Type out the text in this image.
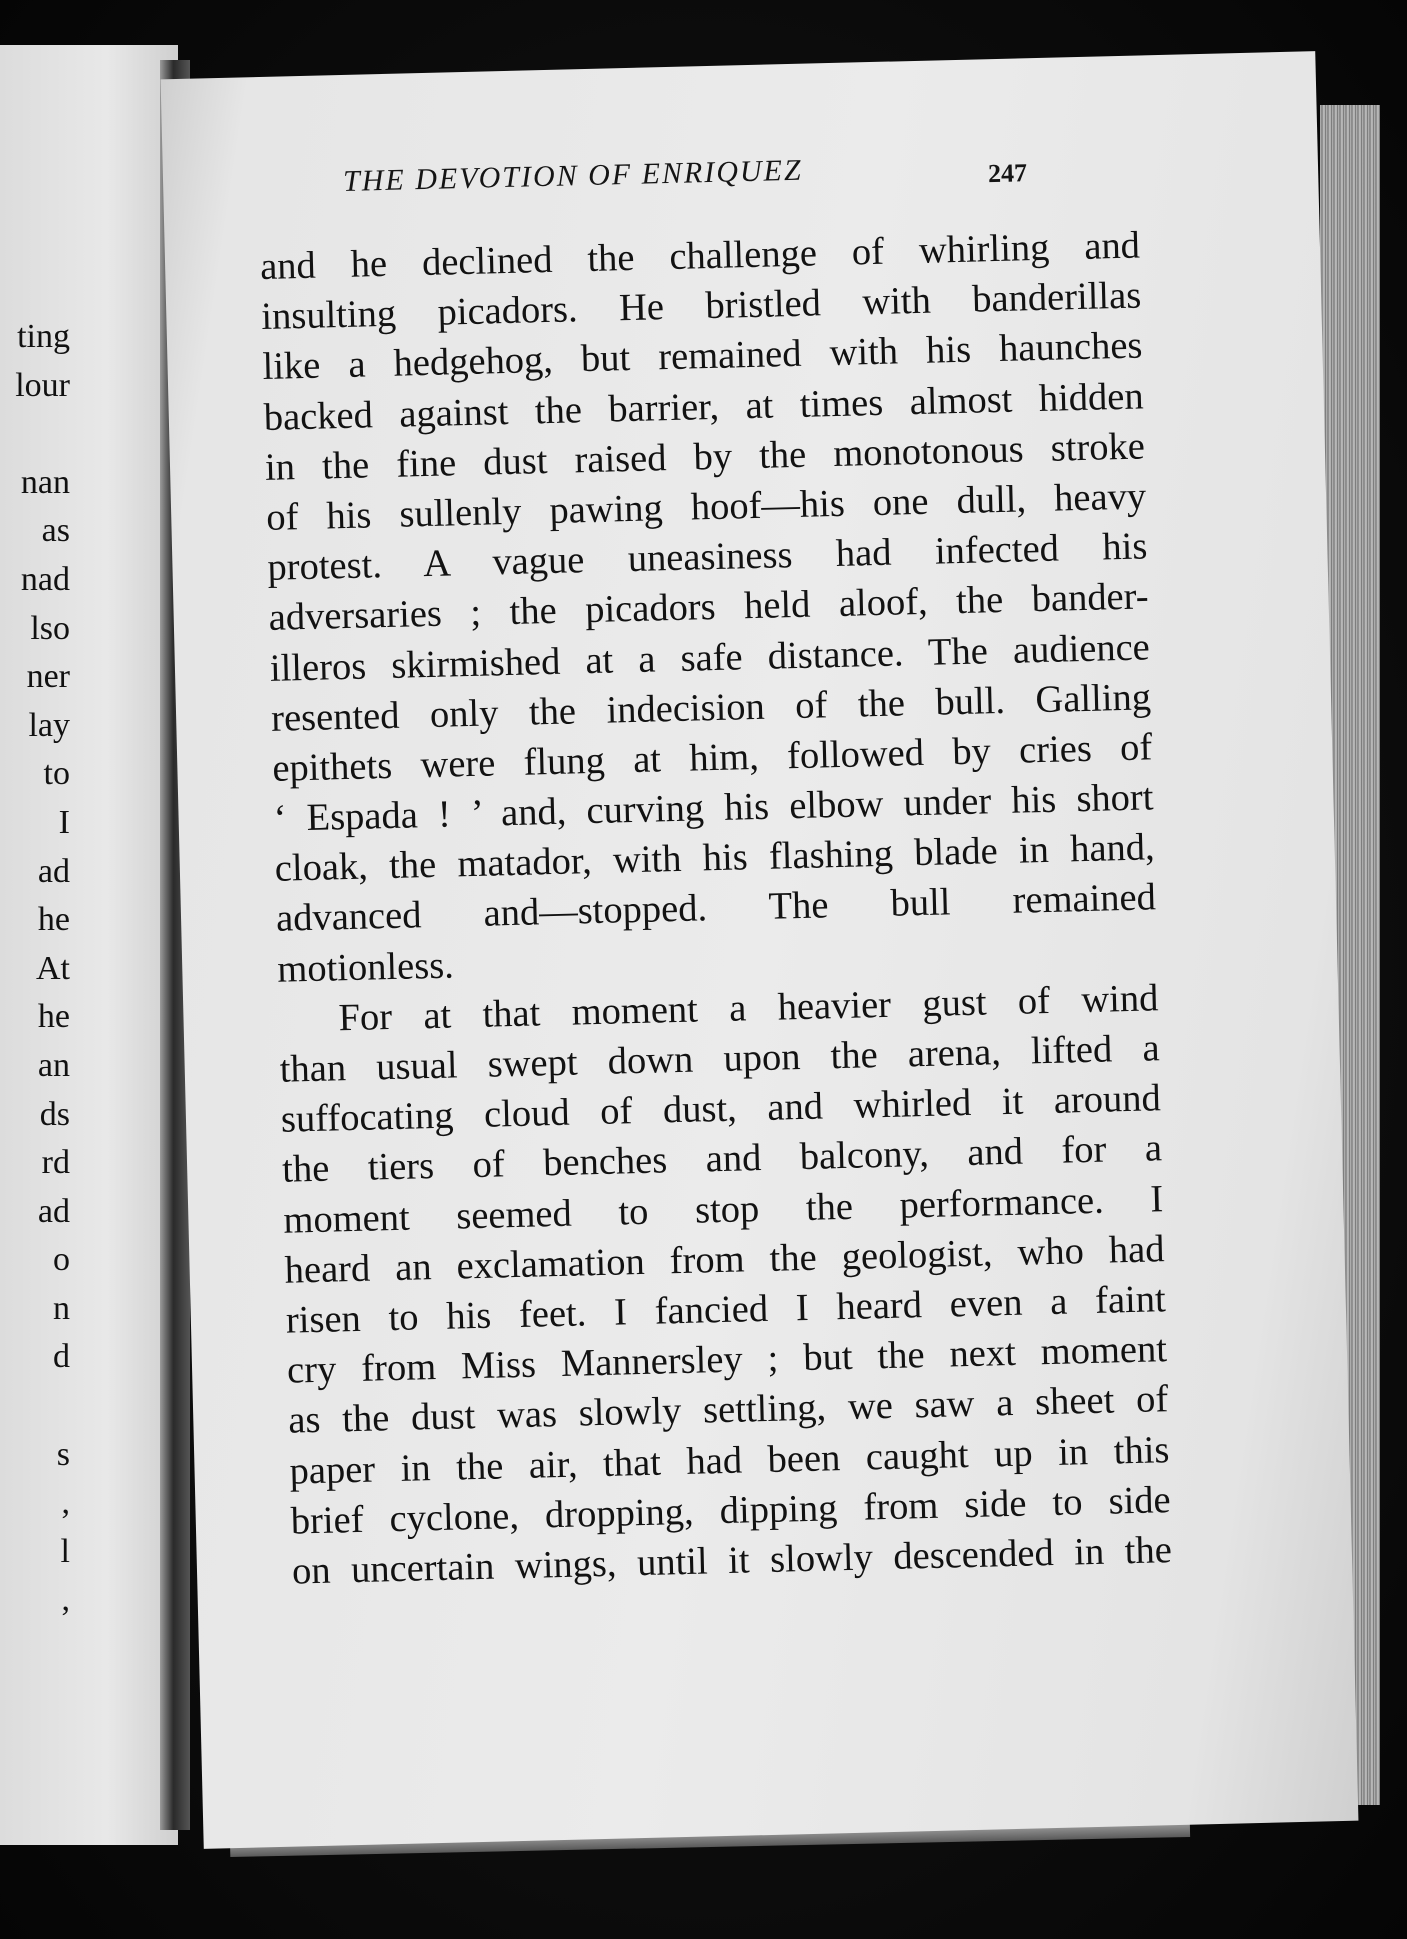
ting
lour
nan
as
nad
lso
ner
lay
to
I
ad
he
At
he
an
ds
rd
ad
o
n
d
s
,
l
,
THE DEVOTION OF ENRIQUEZ	247
and he declined the challenge of whirling and
insulting picadors. He bristled with banderillas
like a hedgehog, but remained with his haunches
backed against the barrier, at times almost hidden
in the fine dust raised by the monotonous stroke
of his sullenly pawing hoof—his one dull, heavy
protest. A vague uneasiness had infected his
adversaries ; the picadors held aloof, the bander-
illeros skirmished at a safe distance. The audience
resented only the indecision of the bull. Galling
epithets were flung at him, followed by cries of
‘ Espada ! ’ and, curving his elbow under his short
cloak, the matador, with his flashing blade in hand,
advanced and—stopped. The bull remained
motionless.
For at that moment a heavier gust of wind
than usual swept down upon the arena, lifted a
suffocating cloud of dust, and whirled it around
the tiers of benches and balcony, and for a
moment seemed to stop the performance. I
heard an exclamation from the geologist, who had
risen to his feet. I fancied I heard even a faint
cry from Miss Mannersley ; but the next moment
as the dust was slowly settling, we saw a sheet of
paper in the air, that had been caught up in this
brief cyclone, dropping, dipping from side to side
on uncertain wings, until it slowly descended in the
